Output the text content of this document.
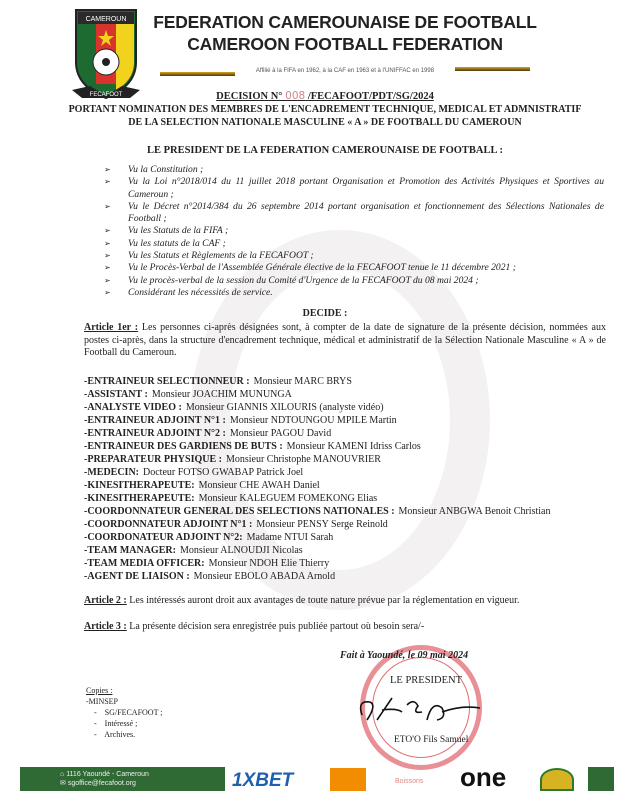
CAMEROUN
FECAFOOT
FEDERATION CAMEROUNAISE DE FOOTBALL
CAMEROON FOOTBALL FEDERATION
Affilié à la FIFA en 1962, à la CAF en 1963 et à l'UNIFFAC en 1998
DECISION N° 008 /FECAFOOT/PDT/SG/2024
PORTANT NOMINATION DES MEMBRES DE L'ENCADREMENT TECHNIQUE, MEDICAL ET ADMNISTRATIF
DE LA SELECTION NATIONALE MASCULINE « A » DE FOOTBALL DU CAMEROUN
LE PRESIDENT DE LA FEDERATION CAMEROUNAISE DE FOOTBALL :
➢ Vu la Constitution ;
➢ Vu la Loi n°2018/014 du 11 juillet 2018 portant Organisation et Promotion des Activités Physiques et Sportives au Cameroun ;
➢ Vu le Décret n°2014/384 du 26 septembre 2014 portant organisation et fonctionnement des Sélections Nationales de Football ;
➢ Vu les Statuts de la FIFA ;
➢ Vu les statuts de la CAF ;
➢ Vu les Statuts et Règlements de la FECAFOOT ;
➢ Vu le Procès-Verbal de l'Assemblée Générale élective de la FECAFOOT tenue le 11 décembre 2021 ;
➢ Vu le procès-verbal de la session du Comité d'Urgence de la FECAFOOT du 08 mai 2024 ;
➢ Considérant les nécessités de service.
DECIDE :
Article 1er : Les personnes ci-après désignées sont, à compter de la date de signature de la présente décision, nommées aux postes ci-après, dans la structure d'encadrement technique, médical et administratif de la Sélection Nationale Masculine « A » de Football du Cameroun.
-ENTRAINEUR SELECTIONNEUR : Monsieur MARC BRYS
-ASSISTANT : Monsieur JOACHIM MUNUNGA
-ANALYSTE VIDEO : Monsieur GIANNIS XILOURIS (analyste vidéo)
-ENTRAINEUR ADJOINT N°1 : Monsieur NDTOUNGOU MPILE Martin
-ENTRAINEUR ADJOINT N°2 : Monsieur PAGOU David
-ENTRAINEUR DES GARDIENS DE BUTS : Monsieur KAMENI Idriss Carlos
-PREPARATEUR PHYSIQUE : Monsieur Christophe MANOUVRIER
-MEDECIN: Docteur FOTSO GWABAP Patrick Joel
-KINESITHERAPEUTE: Monsieur CHE AWAH Daniel
-KINESITHERAPEUTE: Monsieur KALEGUEM FOMEKONG Elias
-COORDONNATEUR GENERAL DES SELECTIONS NATIONALES : Monsieur ANBGWA Benoit Christian
-COORDONNATEUR ADJOINT N°1 : Monsieur PENSY Serge Reinold
-COORDONATEUR ADJOINT N°2: Madame NTUI Sarah
-TEAM MANAGER: Monsieur ALNOUDJI Nicolas
-TEAM MEDIA OFFICER: Monsieur NDOH Elie Thierry
-AGENT DE LIAISON : Monsieur EBOLO ABADA Arnold
Article 2 : Les intéressés auront droit aux avantages de toute nature prévue par la réglementation en vigueur.
Article 3 : La présente décision sera enregistrée puis publiée partout où besoin sera/-
Fait à Yaoundé, le 09 mai 2024
LE PRESIDENT
ETO'O Fils Samuel
Copies :
-MINSEP
-    SG/FECAFOOT ;
-    Intéressé ;
-    Archives.
⌂ 1116 Yaoundé - Cameroun
✉ sgoffice@fecafoot.org	1XBET	Boissons one
